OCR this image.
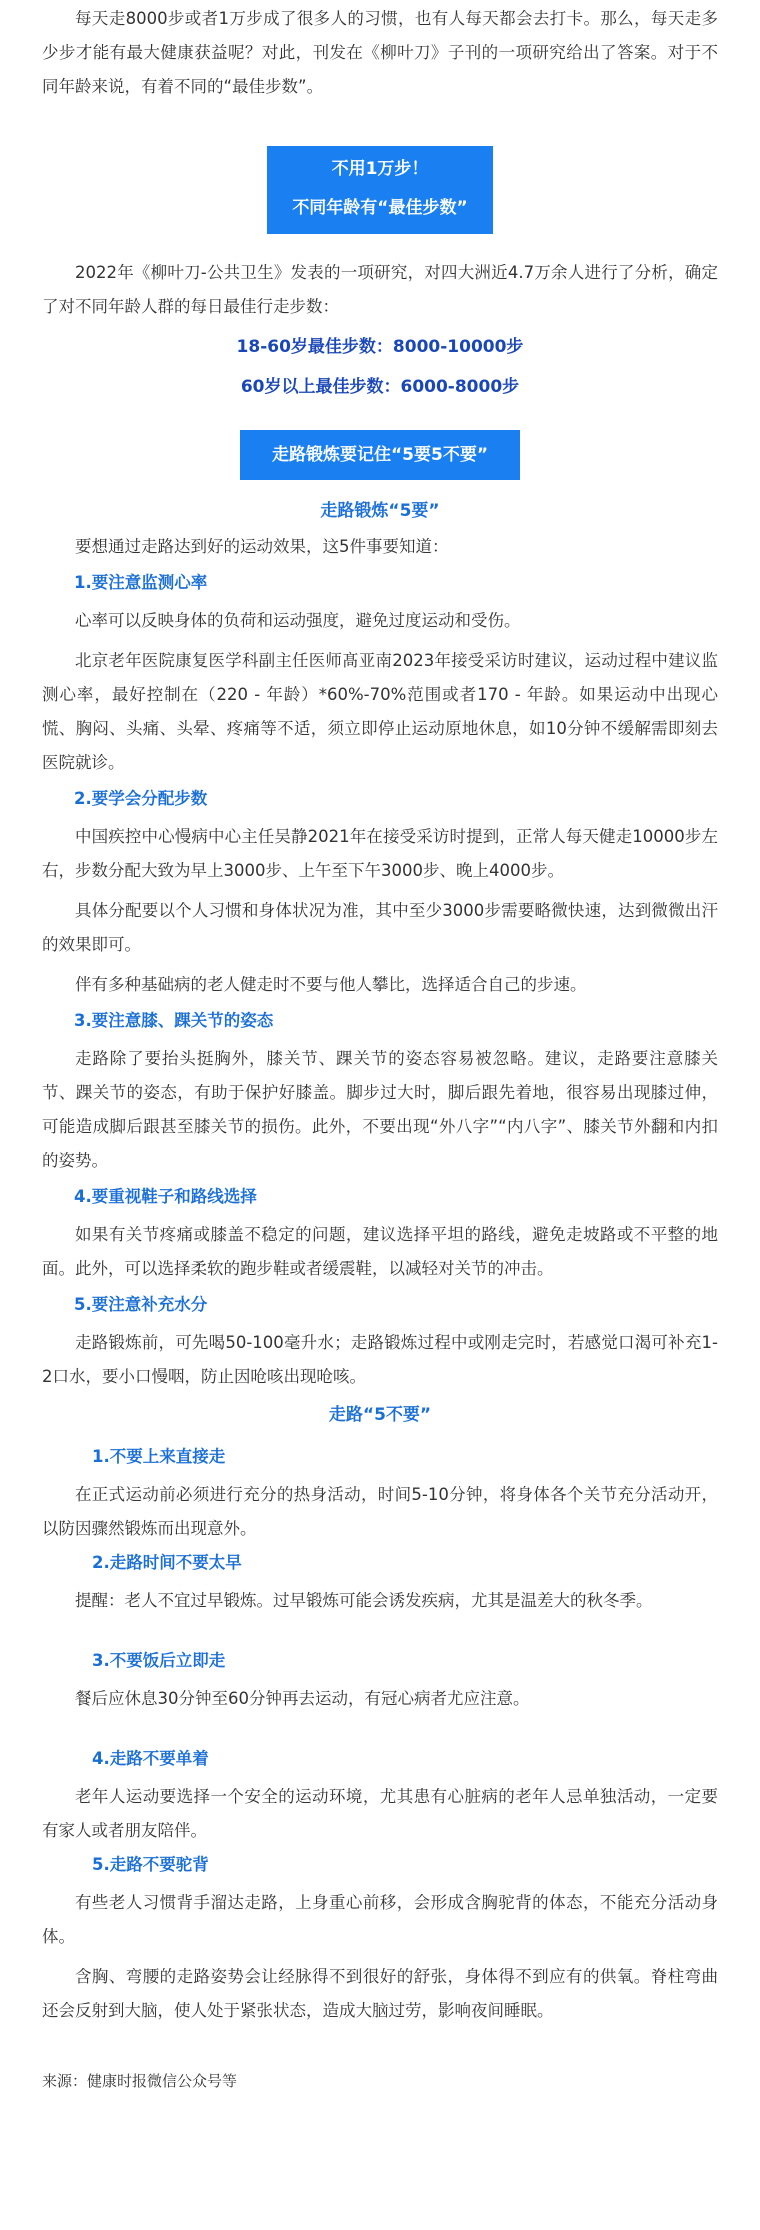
每天走8000步或者1万步成了很多人的习惯，也有人每天都会去打卡。那么，每天走多少步才能有最大健康获益呢？对此，刊发在《柳叶刀》子刊的一项研究给出了答案。对于不同年龄来说，有着不同的“最佳步数”。

不用1万步！
不同年龄有“最佳步数”

2022年《柳叶刀-公共卫生》发表的一项研究，对四大洲近4.7万余人进行了分析，确定了对不同年龄人群的每日最佳行走步数：

18-60岁最佳步数：8000-10000步

60岁以上最佳步数：6000-8000步

走路锻炼要记住“5要5不要”

走路锻炼“5要”

要想通过走路达到好的运动效果，这5件事要知道：

1.要注意监测心率

心率可以反映身体的负荷和运动强度，避免过度运动和受伤。

北京老年医院康复医学科副主任医师髙亚南2023年接受采访时建议，运动过程中建议监测心率，最好控制在（220 - 年龄）*60%-70%范围或者170 - 年龄。如果运动中出现心慌、胸闷、头痛、头晕、疼痛等不适，须立即停止运动原地休息，如10分钟不缓解需即刻去医院就诊。

2.要学会分配步数

中国疾控中心慢病中心主任吴静2021年在接受采访时提到，正常人每天健走10000步左右，步数分配大致为早上3000步、上午至下午3000步、晚上4000步。

具体分配要以个人习惯和身体状况为准，其中至少3000步需要略微快速，达到微微出汗的效果即可。

伴有多种基础病的老人健走时不要与他人攀比，选择适合自己的步速。

3.要注意膝、踝关节的姿态

走路除了要抬头挺胸外，膝关节、踝关节的姿态容易被忽略。建议，走路要注意膝关节、踝关节的姿态，有助于保护好膝盖。脚步过大时，脚后跟先着地，很容易出现膝过伸，可能造成脚后跟甚至膝关节的损伤。此外，不要出现“外八字”“内八字”、膝关节外翻和内扣的姿势。

4.要重视鞋子和路线选择

如果有关节疼痛或膝盖不稳定的问题，建议选择平坦的路线，避免走坡路或不平整的地面。此外，可以选择柔软的跑步鞋或者缓震鞋，以减轻对关节的冲击。

5.要注意补充水分

走路锻炼前，可先喝50-100毫升水；走路锻炼过程中或刚走完时，若感觉口渴可补充1-2口水，要小口慢咽，防止因呛咳出现呛咳。

走路“5不要”

1.不要上来直接走

在正式运动前必须进行充分的热身活动，时间5-10分钟，将身体各个关节充分活动开，以防因骤然锻炼而出现意外。

2.走路时间不要太早

提醒：老人不宜过早锻炼。过早锻炼可能会诱发疾病，尤其是温差大的秋冬季。

3.不要饭后立即走

餐后应休息30分钟至60分钟再去运动，有冠心病者尤应注意。

4.走路不要单着

老年人运动要选择一个安全的运动环境，尤其患有心脏病的老年人忌单独活动，一定要有家人或者朋友陪伴。

5.走路不要驼背

有些老人习惯背手溜达走路，上身重心前移，会形成含胸驼背的体态，不能充分活动身体。

含胸、弯腰的走路姿势会让经脉得不到很好的舒张，身体得不到应有的供氧。脊柱弯曲还会反射到大脑，使人处于紧张状态，造成大脑过劳，影响夜间睡眠。

来源：健康时报微信公众号等
